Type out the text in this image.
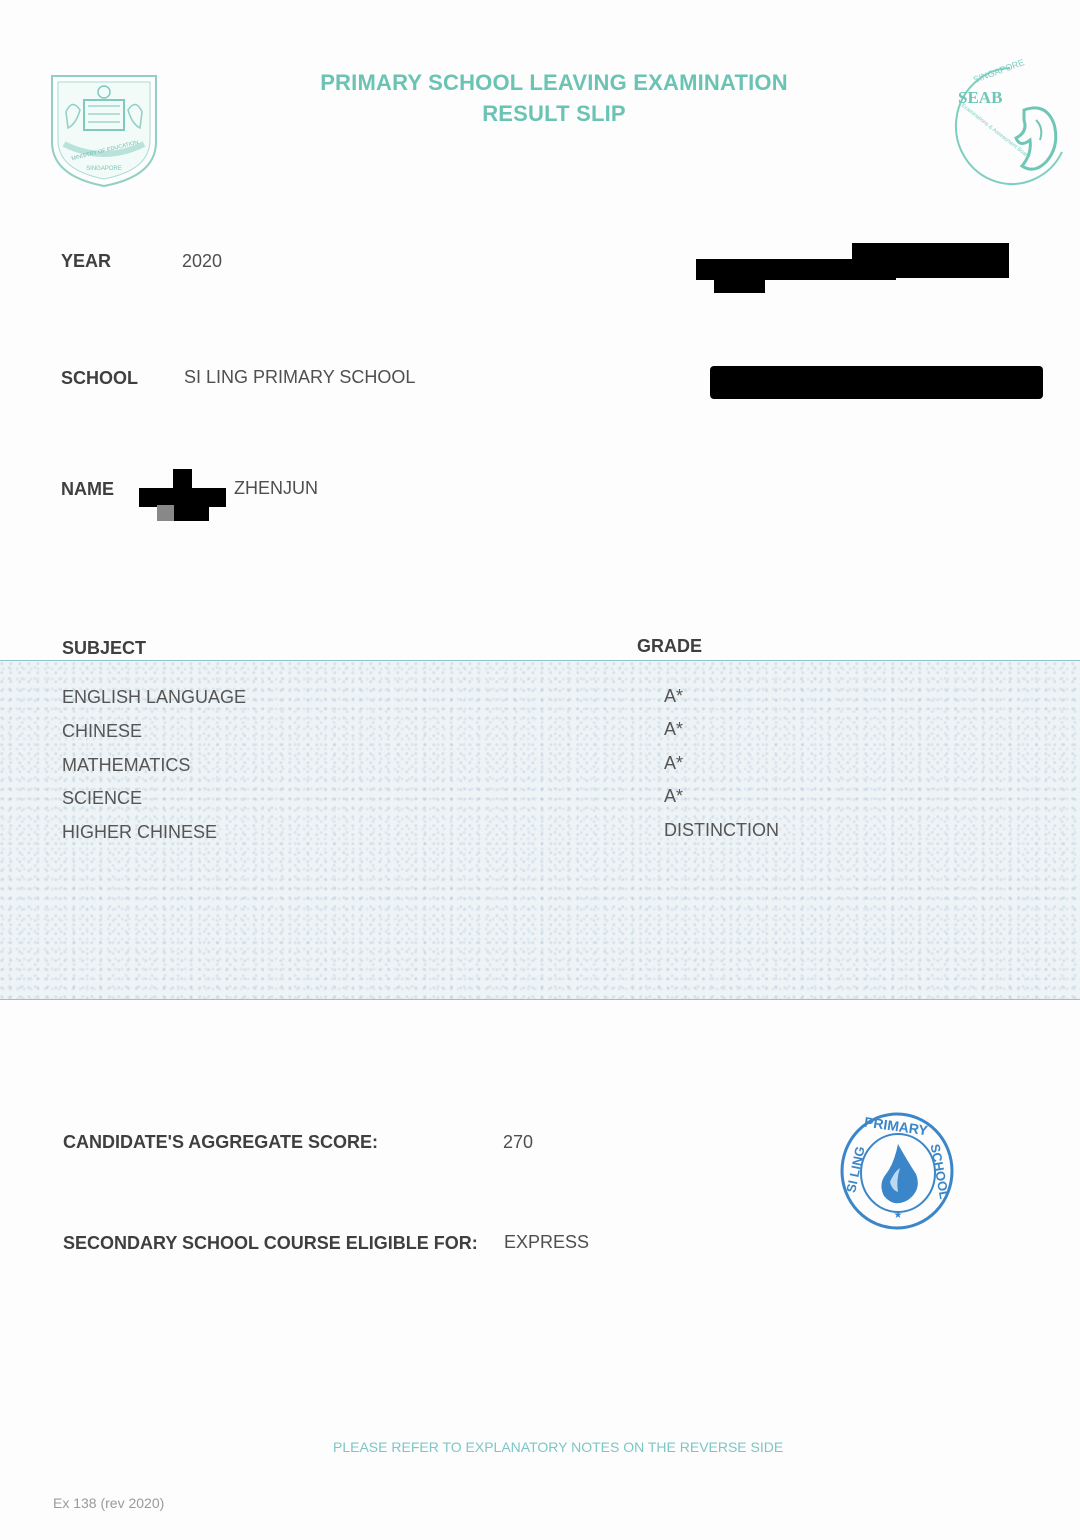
MINISTRY OF EDUCATION
SINGAPORE
PRIMARY SCHOOL LEAVING EXAMINATION
RESULT SLIP
SINGAPORE
SEAB
Examinations & Assessment Board
YEAR	2020
SCHOOL	SI LING PRIMARY SCHOOL
NAME	ZHENJUN
SUBJECT	GRADE
ENGLISH LANGUAGE	A*
CHINESE	A*
MATHEMATICS	A*
SCIENCE	A*
HIGHER CHINESE	DISTINCTION
CANDIDATE'S AGGREGATE SCORE:	270
SECONDARY SCHOOL COURSE ELIGIBLE FOR: EXPRESS
★
PRIMARY
SI LING	SCHOOL
PLEASE REFER TO EXPLANATORY NOTES ON THE REVERSE SIDE
Ex 138 (rev 2020)
